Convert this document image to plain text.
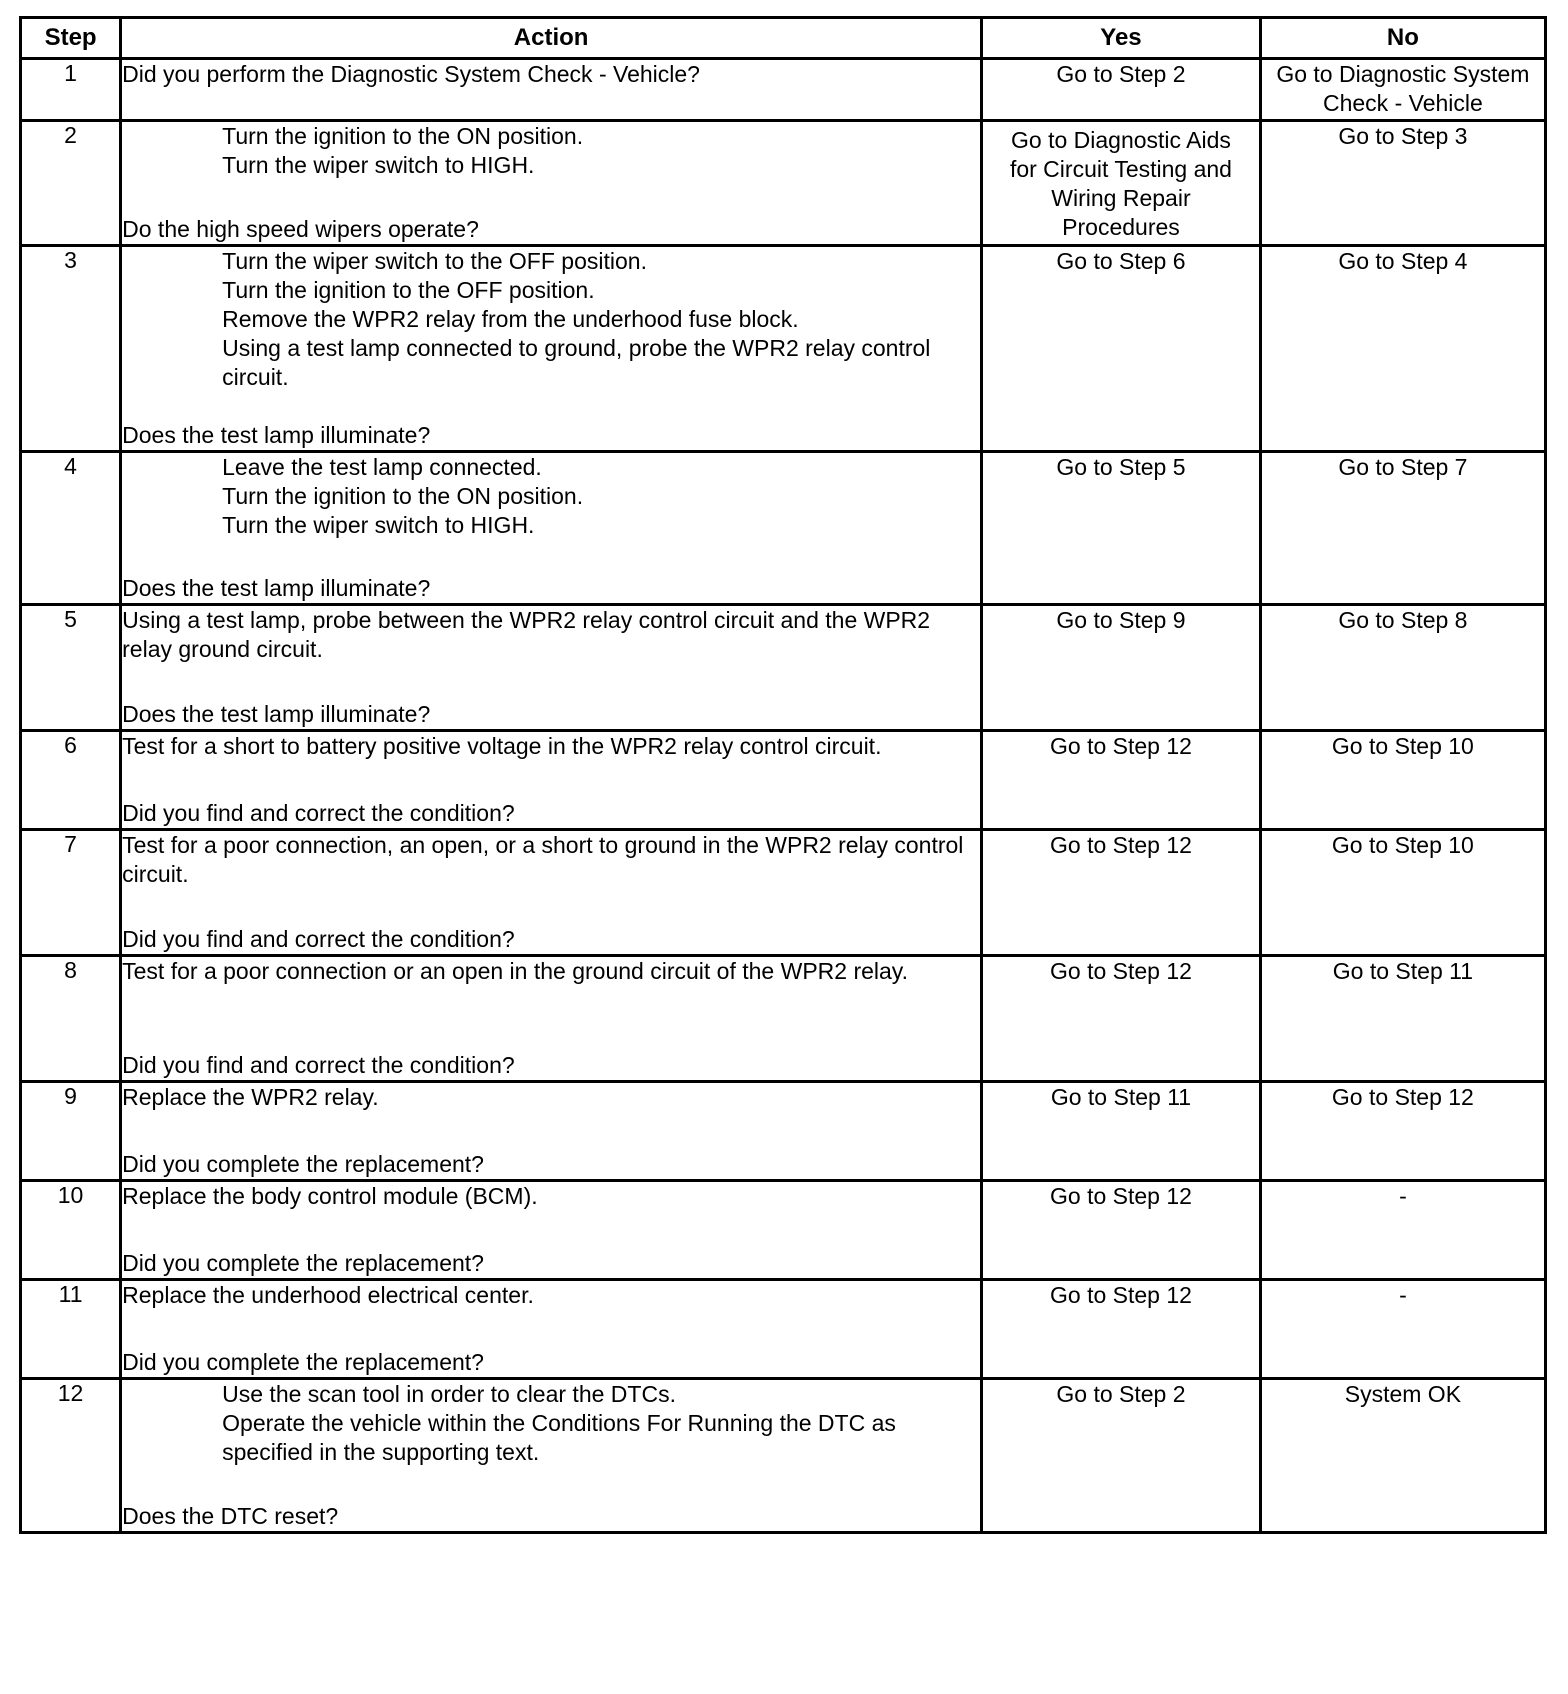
Step	Action	Yes	No
1	Did you perform the Diagnostic System Check - Vehicle?	Go to Step 2	Go to Diagnostic System Check - Vehicle
2	Turn the ignition to the ON position.
Turn the wiper switch to HIGH.
Do the high speed wipers operate?	Go to Diagnostic Aids for Circuit Testing and Wiring Repair Procedures	Go to Step 3
3	Turn the wiper switch to the OFF position.
Turn the ignition to the OFF position.
Remove the WPR2 relay from the underhood fuse block.
Using a test lamp connected to ground, probe the WPR2 relay control circuit.
Does the test lamp illuminate?	Go to Step 6	Go to Step 4
4	Leave the test lamp connected.
Turn the ignition to the ON position.
Turn the wiper switch to HIGH.
Does the test lamp illuminate?	Go to Step 5	Go to Step 7
5	Using a test lamp, probe between the WPR2 relay control circuit and the WPR2 relay ground circuit.
Does the test lamp illuminate?	Go to Step 9	Go to Step 8
6	Test for a short to battery positive voltage in the WPR2 relay control circuit.
Did you find and correct the condition?	Go to Step 12	Go to Step 10
7	Test for a poor connection, an open, or a short to ground in the WPR2 relay control circuit.
Did you find and correct the condition?	Go to Step 12	Go to Step 10
8	Test for a poor connection or an open in the ground circuit of the WPR2 relay.
Did you find and correct the condition?	Go to Step 12	Go to Step 11
9	Replace the WPR2 relay.
Did you complete the replacement?	Go to Step 11	Go to Step 12
10	Replace the body control module (BCM).
Did you complete the replacement?	Go to Step 12	-
11	Replace the underhood electrical center.
Did you complete the replacement?	Go to Step 12	-
12	Use the scan tool in order to clear the DTCs.
Operate the vehicle within the Conditions For Running the DTC as specified in the supporting text.
Does the DTC reset?	Go to Step 2	System OK
